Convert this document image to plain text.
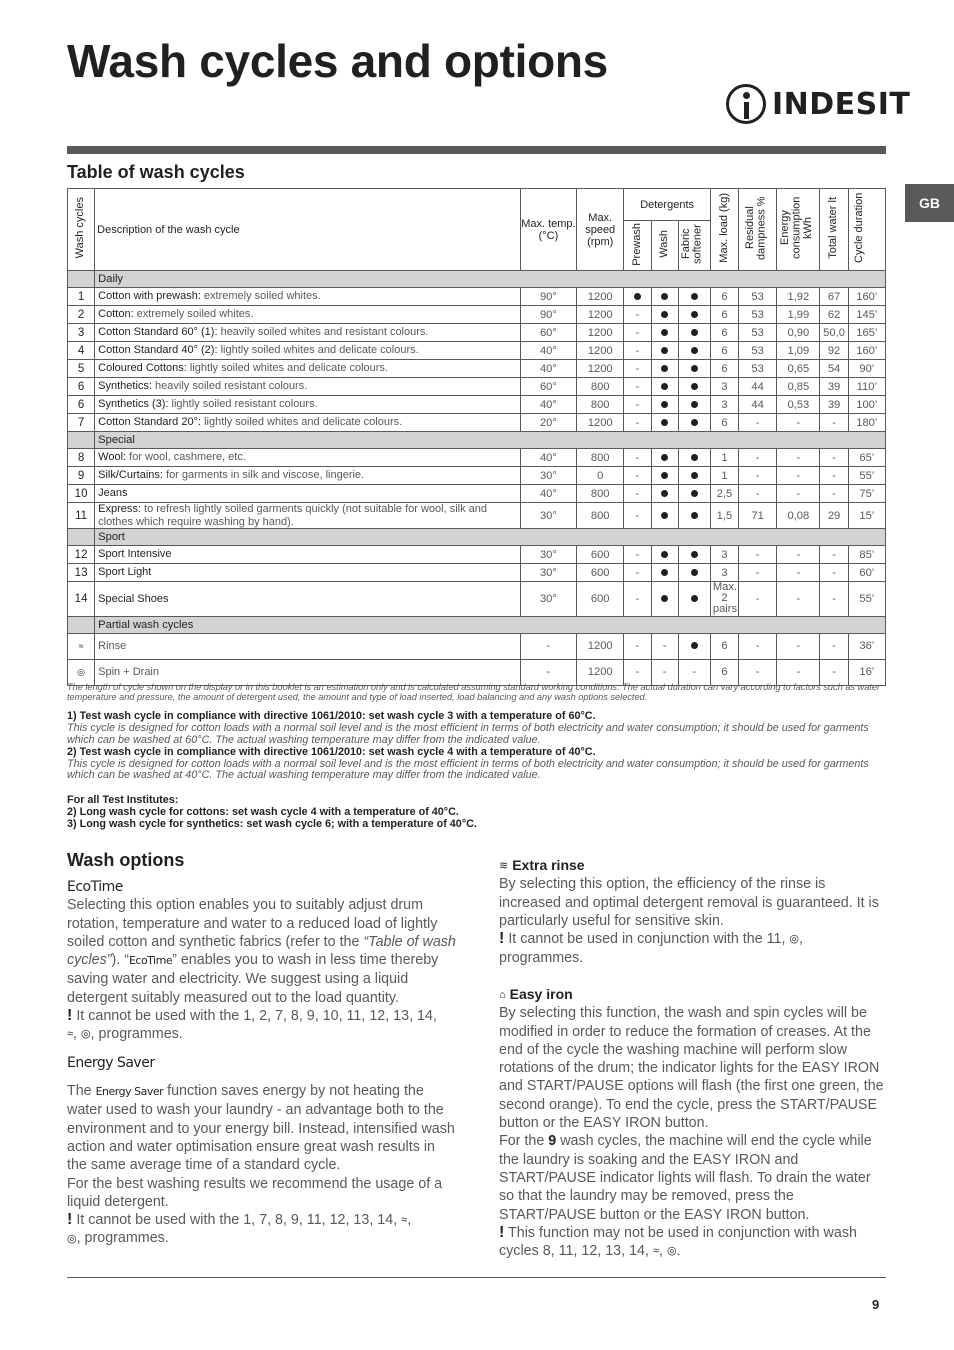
Wash cycles and options
INDESIT
GB
Table of wash cycles
Wash cycles	Description of the wash cycle	Max. temp. (°C)	Max. speed (rpm)	Detergents			Max. load (kg)	Residual dampness %	Energy consumption kWh	Total water lt	Cycle duration
				Prewash	Wash	Fabric softener					
	Daily										
1	Cotton with prewash: extremely soiled whites.	90°	1200				6	53	1,92	67	160’
2	Cotton: extremely soiled whites.	90°	1200	-			6	53	1,99	62	145’
3	Cotton Standard 60° (1): heavily soiled whites and resistant colours.	60°	1200	-			6	53	0,90	50,0	165’
4	Cotton Standard 40° (2): lightly soiled whites and delicate colours.	40°	1200	-			6	53	1,09	92	160’
5	Coloured Cottons: lightly soiled whites and delicate colours.	40°	1200	-			6	53	0,65	54	90’
6	Synthetics: heavily soiled resistant colours.	60°	800	-			3	44	0,85	39	110’
6	Synthetics (3): lightly soiled resistant colours.	40°	800	-			3	44	0,53	39	100’
7	Cotton Standard 20°: lightly soiled whites and delicate colours.	20°	1200	-			6	-	-	-	180’
	Special										
8	Wool: for wool, cashmere, etc.	40°	800	-			1	-	-	-	65’
9	Silk/Curtains: for garments in silk and viscose, lingerie.	30°	0	-			1	-	-	-	55’
10	Jeans	40°	800	-			2,5	-	-	-	75’
11	Express: to refresh lightly soiled garments quickly (not suitable for wool, silk and clothes which require washing by hand).	30°	800	-			1,5	71	0,08	29	15’
	Sport										
12	Sport Intensive	30°	600	-			3	-	-	-	85’
13	Sport Light	30°	600	-			3	-	-	-	60’
14	Special Shoes	30°	600	-			Max. 2 pairs	-	-	-	55’
	Partial wash cycles										
≈	Rinse	-	1200	-	-		6	-	-	-	36’
◎	Spin + Drain	-	1200	-	-	-	6	-	-	-	16’
The length of cycle shown on the display or in this booklet is an estimation only and is calculated assuming standard working conditions. The actual duration can vary according to factors such as water temperature and pressure, the amount of detergent used, the amount and type of load inserted, load balancing and any wash options selected.
1) Test wash cycle in compliance with directive 1061/2010: set wash cycle 3 with a temperature of 60°C.
This cycle is designed for cotton loads with a normal soil level and is the most efficient in terms of both electricity and water consumption; it should be used for garments which can be washed at 60°C. The actual washing temperature may differ from the indicated value.
2) Test wash cycle in compliance with directive 1061/2010: set wash cycle 4 with a temperature of 40°C.
This cycle is designed for cotton loads with a normal soil level and is the most efficient in terms of both electricity and water consumption; it should be used for garments which can be washed at 40°C. The actual washing temperature may differ from the indicated value.
For all Test Institutes:
2) Long wash cycle for cottons: set wash cycle 4 with a temperature of 40°C.
3) Long wash cycle for synthetics: set wash cycle 6; with a temperature of 40°C.
Wash options
EcoTime
Selecting this option enables you to suitably adjust drum rotation, temperature and water to a reduced load of lightly soiled cotton and synthetic fabrics (refer to the “Table of wash cycles”). “EcoTime” enables you to wash in less time thereby saving water and electricity. We suggest using a liquid detergent suitably measured out to the load quantity.
! It cannot be used with the 1, 2, 7, 8, 9, 10, 11, 12, 13, 14,
≈, ◎, programmes.
Energy Saver
The Energy Saver function saves energy by not heating the water used to wash your laundry - an advantage both to the environment and to your energy bill. Instead, intensified wash action and water optimisation ensure great wash results in the same average time of a standard cycle.
For the best washing results we recommend the usage of a liquid detergent.
! It cannot be used with the 1, 7, 8, 9, 11, 12, 13, 14, ≈,
◎, programmes.
≋ Extra rinse
By selecting this option, the efficiency of the rinse is increased and optimal detergent removal is guaranteed. It is particularly useful for sensitive skin.
! It cannot be used in conjunction with the 11, ◎,
programmes.
⌂ Easy iron
By selecting this function, the wash and spin cycles will be modified in order to reduce the formation of creases. At the end of the cycle the washing machine will perform slow rotations of the drum; the indicator lights for the EASY IRON and START/PAUSE options will flash (the first one green, the second orange). To end the cycle, press the START/PAUSE button or the EASY IRON button.
For the 9 wash cycles, the machine will end the cycle while the laundry is soaking and the EASY IRON and START/PAUSE indicator lights will flash. To drain the water so that the laundry may be removed, press the START/PAUSE button or the EASY IRON button.
! This function may not be used in conjunction with wash cycles 8, 11, 12, 13, 14, ≈, ◎.
9
